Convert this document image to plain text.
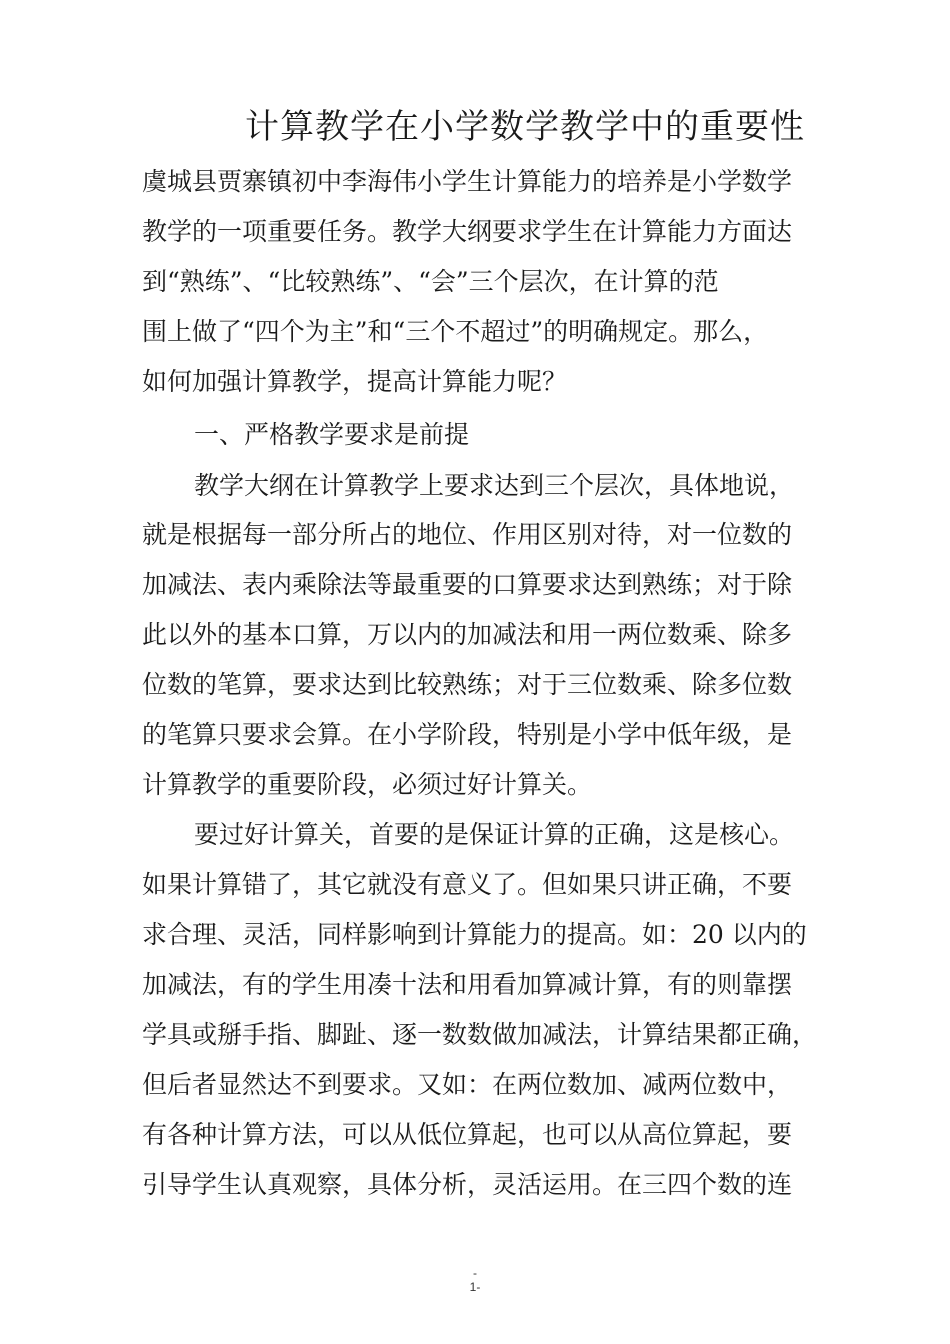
计算教学在小学数学教学中的重要性

虞城县贾寨镇初中李海伟小学生计算能力的培养是小学数学

教学的一项重要任务。教学大纲要求学生在计算能力方面达

到“熟练”、“比较熟练”、“会”三个层次，在计算的范

围上做了“四个为主”和“三个不超过”的明确规定。那么，

如何加强计算教学，提高计算能力呢？

一、严格教学要求是前提

教学大纲在计算教学上要求达到三个层次，具体地说，

就是根据每一部分所占的地位、作用区别对待，对一位数的

加减法、表内乘除法等最重要的口算要求达到熟练；对于除

此以外的基本口算，万以内的加减法和用一两位数乘、除多

位数的笔算，要求达到比较熟练；对于三位数乘、除多位数

的笔算只要求会算。在小学阶段，特别是小学中低年级，是

计算教学的重要阶段，必须过好计算关。

要过好计算关，首要的是保证计算的正确，这是核心。

如果计算错了，其它就没有意义了。但如果只讲正确，不要

求合理、灵活，同样影响到计算能力的提高。如：20 以内的

加减法，有的学生用凑十法和用看加算减计算，有的则靠摆

学具或掰手指、脚趾、逐一数数做加减法，计算结果都正确，

但后者显然达不到要求。又如：在两位数加、减两位数中，

有各种计算方法，可以从低位算起，也可以从高位算起，要

引导学生认真观察，具体分析，灵活运用。在三四个数的连

-
1-
